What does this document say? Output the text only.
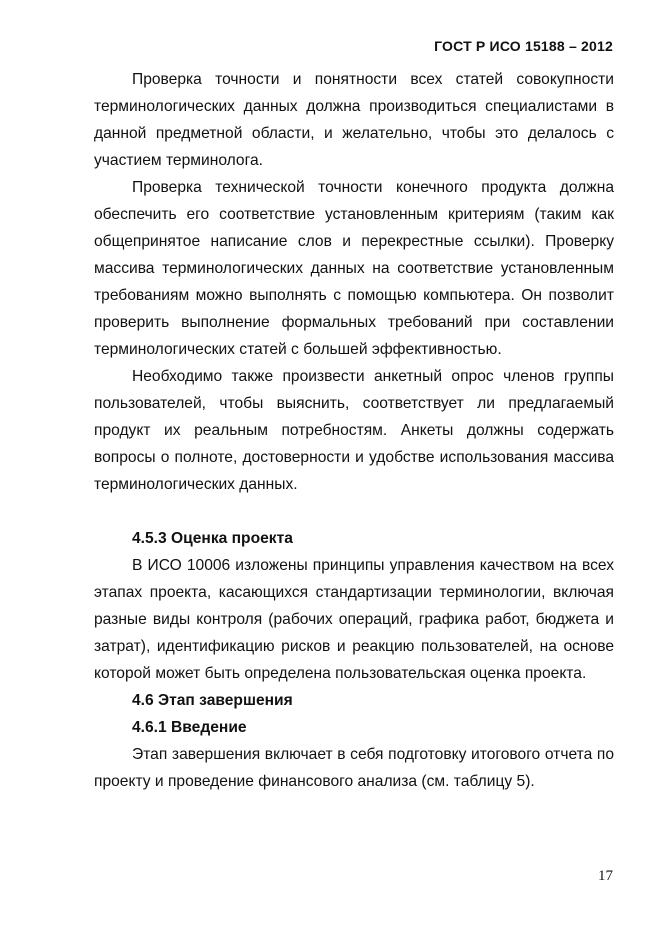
ГОСТ Р ИСО 15188 – 2012

Проверка точности и понятности всех статей совокупности терминологических данных должна производиться специалистами в данной предметной области, и желательно, чтобы это делалось с участием терминолога.

Проверка технической точности конечного продукта должна обеспечить его соответствие установленным критериям (таким как общепринятое написание слов и перекрестные ссылки). Проверку массива терминологических данных на соответствие установленным требованиям можно выполнять с помощью компьютера. Он позволит проверить выполнение формальных требований при составлении терминологических статей с большей эффективностью.

Необходимо также произвести анкетный опрос членов группы пользователей, чтобы выяснить, соответствует ли предлагаемый продукт их реальным потребностям. Анкеты должны содержать вопросы о полноте, достоверности и удобстве использования массива терминологических данных.

4.5.3 Оценка проекта

В ИСО 10006 изложены принципы управления качеством на всех этапах проекта, касающихся стандартизации терминологии, включая разные виды контроля (рабочих операций, графика работ, бюджета и затрат), идентификацию рисков и реакцию пользователей, на основе которой может быть определена пользовательская оценка проекта.

4.6 Этап завершения
4.6.1 Введение

Этап завершения включает в себя подготовку итогового отчета по проекту и проведение финансового анализа (см. таблицу 5).

17
